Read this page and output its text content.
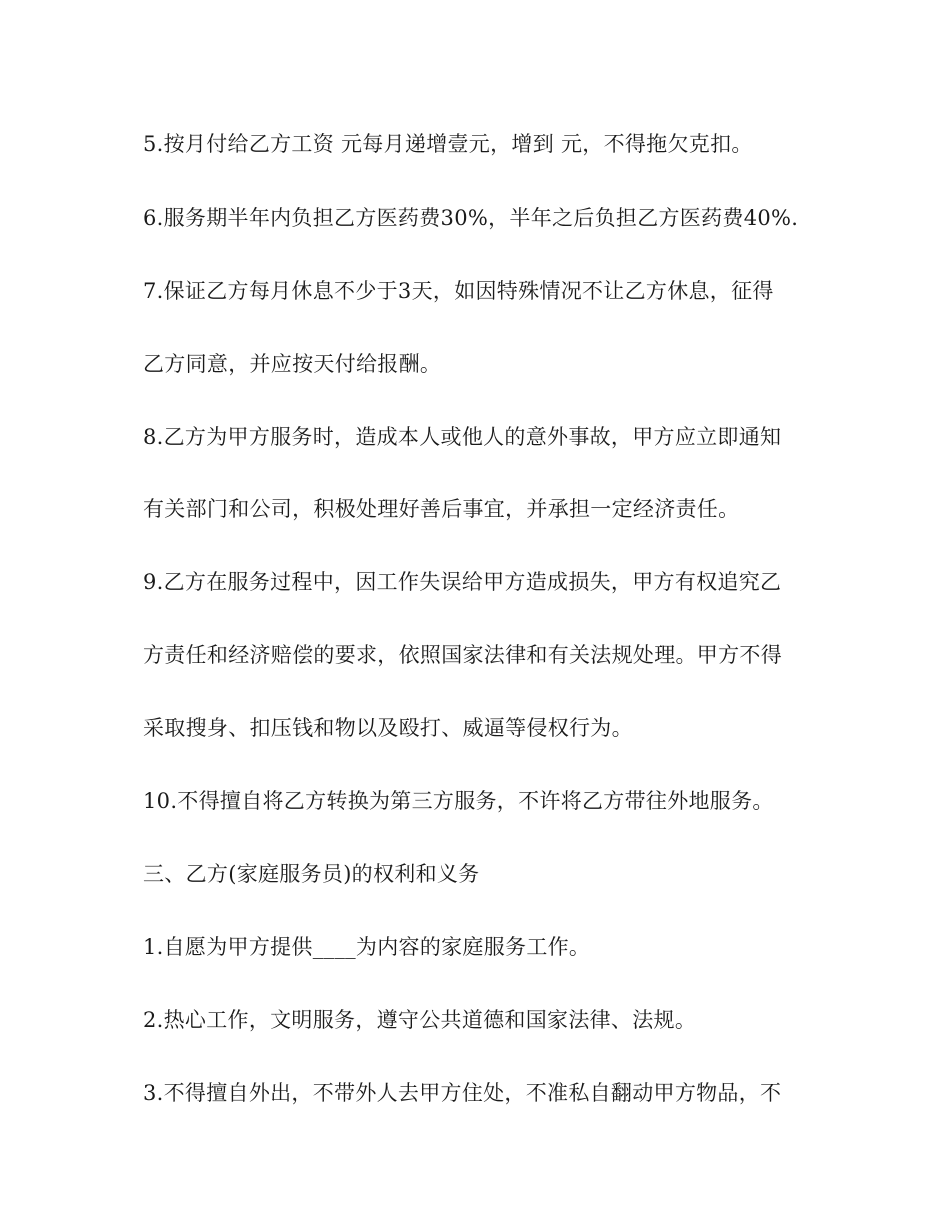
5.按月付给乙方工资 元每月递增壹元，增到 元，不得拖欠克扣。
6.服务期半年内负担乙方医药费30%，半年之后负担乙方医药费40%.
7.保证乙方每月休息不少于3天，如因特殊情况不让乙方休息，征得
乙方同意，并应按天付给报酬。
8.乙方为甲方服务时，造成本人或他人的意外事故，甲方应立即通知
有关部门和公司，积极处理好善后事宜，并承担一定经济责任。
9.乙方在服务过程中，因工作失误给甲方造成损失，甲方有权追究乙
方责任和经济赔偿的要求，依照国家法律和有关法规处理。甲方不得
采取搜身、扣压钱和物以及殴打、威逼等侵权行为。
10.不得擅自将乙方转换为第三方服务，不许将乙方带往外地服务。
三、乙方(家庭服务员)的权利和义务
1.自愿为甲方提供____为内容的家庭服务工作。
2.热心工作，文明服务，遵守公共道德和国家法律、法规。
3.不得擅自外出，不带外人去甲方住处，不准私自翻动甲方物品，不
